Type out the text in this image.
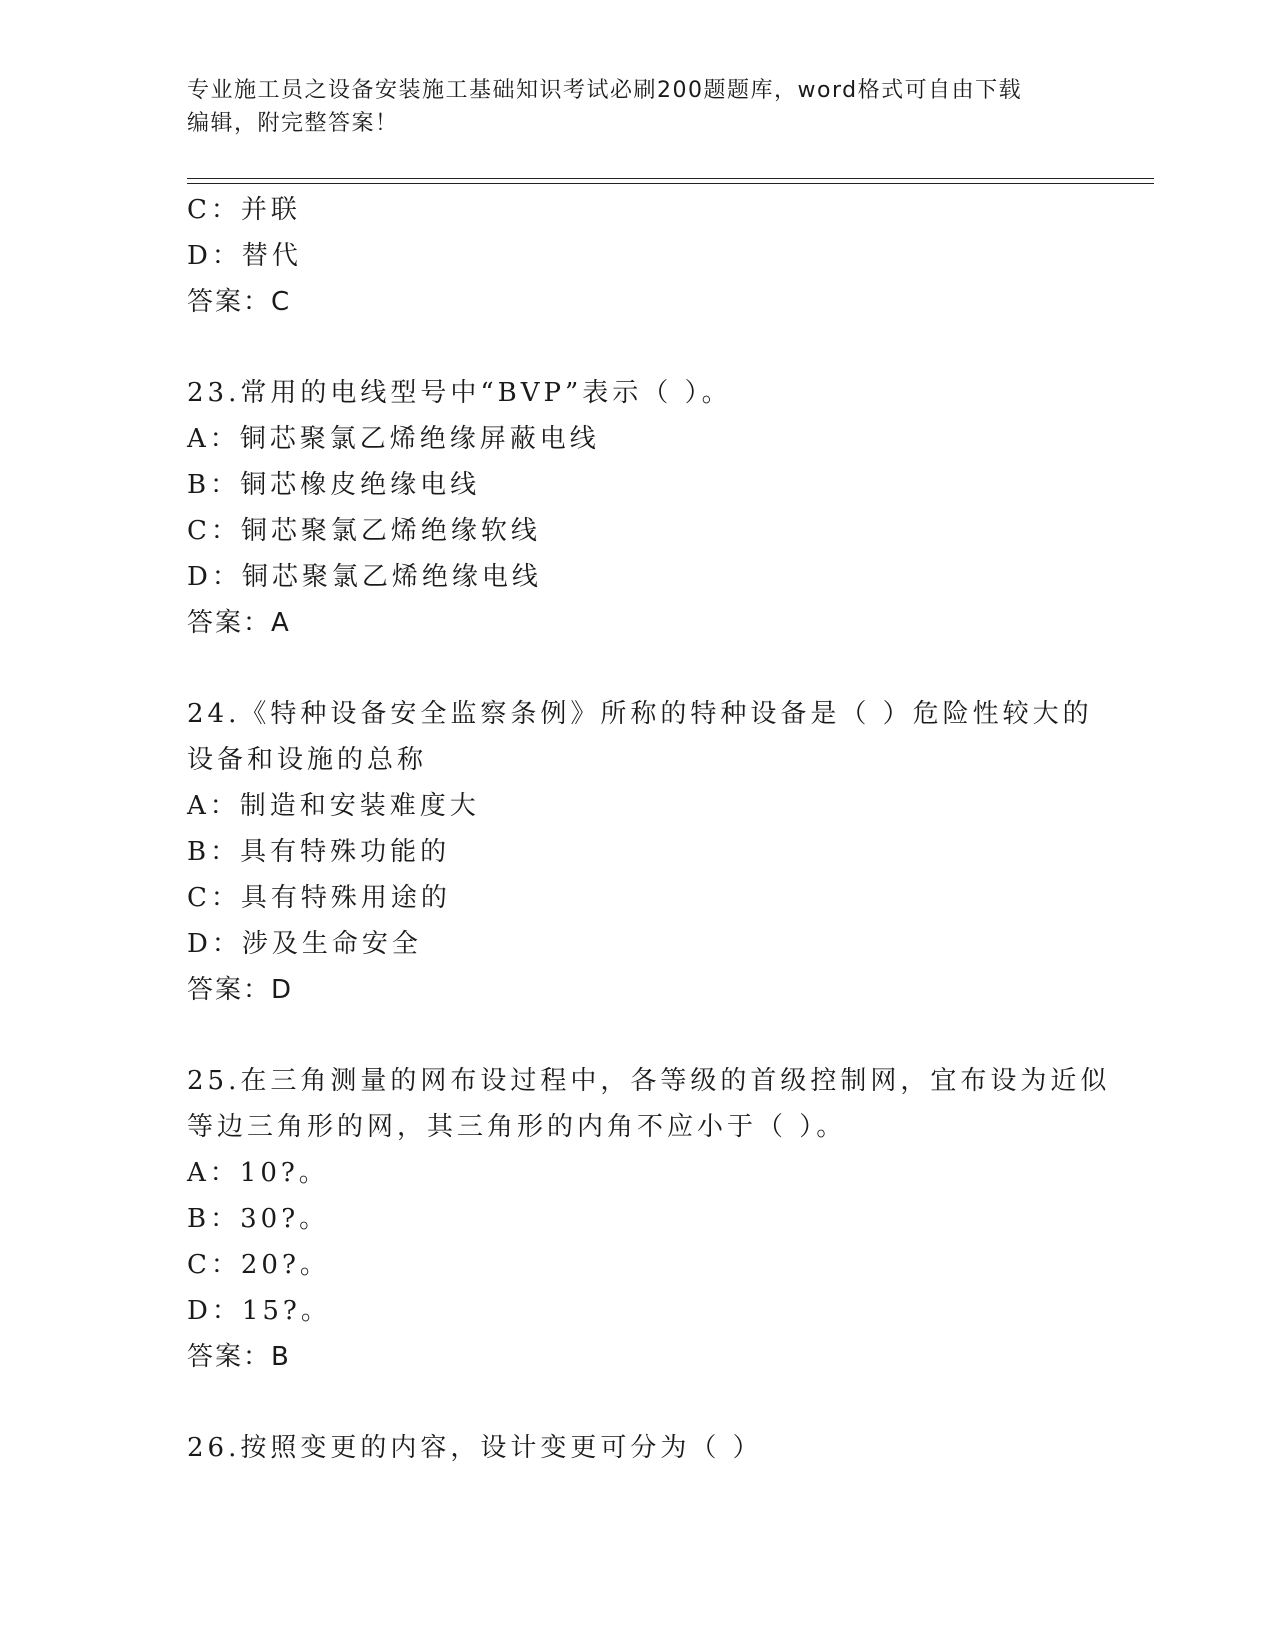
专业施工员之设备安装施工基础知识考试必刷200题题库，word格式可自由下载
编辑，附完整答案！
C：并联
D：替代
答案：C
23.常用的电线型号中“BVP”表示（ ）。
A：铜芯聚氯乙烯绝缘屏蔽电线
B：铜芯橡皮绝缘电线
C：铜芯聚氯乙烯绝缘软线
D：铜芯聚氯乙烯绝缘电线
答案：A
24.《特种设备安全监察条例》所称的特种设备是（ ）危险性较大的
设备和设施的总称
A：制造和安装难度大
B：具有特殊功能的
C：具有特殊用途的
D：涉及生命安全
答案：D
25.在三角测量的网布设过程中，各等级的首级控制网，宜布设为近似
等边三角形的网，其三角形的内角不应小于（ ）。
A：10?。
B：30?。
C：20?。
D：15?。
答案：B
26.按照变更的内容，设计变更可分为（ ）
